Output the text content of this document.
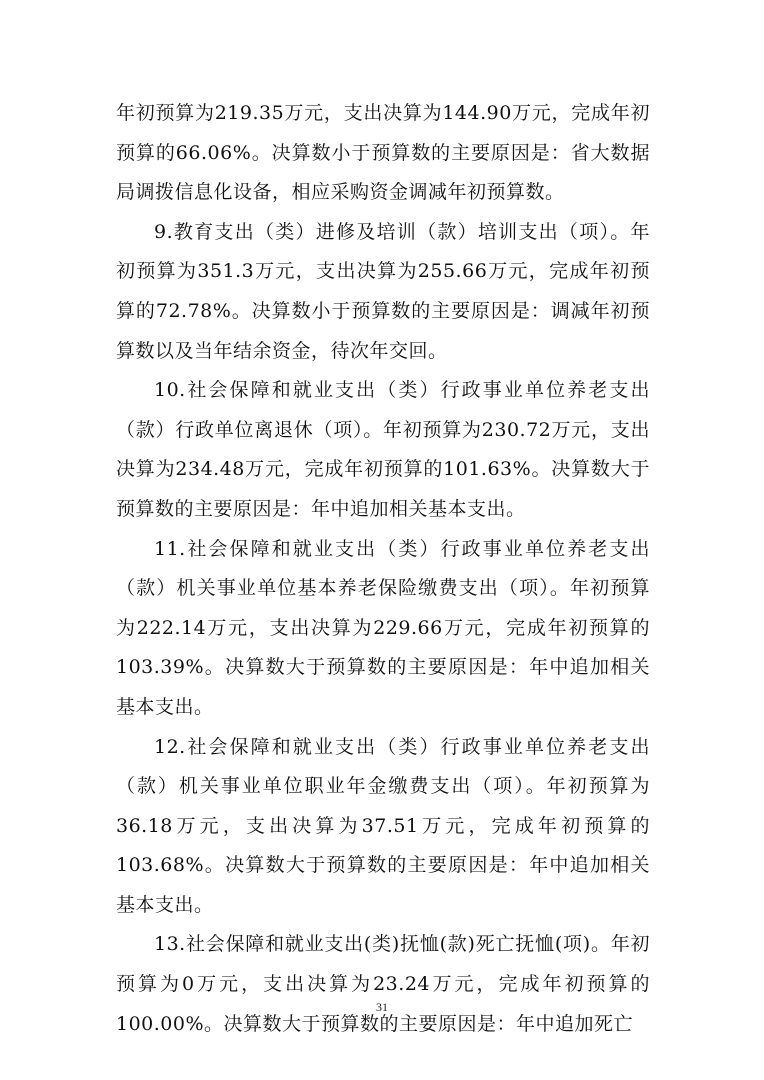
年初预算为219.35万元，支出决算为144.90万元，完成年初预算的66.06%。决算数小于预算数的主要原因是：省大数据局调拨信息化设备，相应采购资金调减年初预算数。

9.教育支出（类）进修及培训（款）培训支出（项）。年初预算为351.3万元，支出决算为255.66万元，完成年初预算的72.78%。决算数小于预算数的主要原因是：调减年初预算数以及当年结余资金，待次年交回。

10.社会保障和就业支出（类）行政事业单位养老支出（款）行政单位离退休（项）。年初预算为230.72万元，支出决算为234.48万元，完成年初预算的101.63%。决算数大于预算数的主要原因是：年中追加相关基本支出。

11.社会保障和就业支出（类）行政事业单位养老支出（款）机关事业单位基本养老保险缴费支出（项）。年初预算为222.14万元，支出决算为229.66万元，完成年初预算的103.39%。决算数大于预算数的主要原因是：年中追加相关基本支出。

12.社会保障和就业支出（类）行政事业单位养老支出（款）机关事业单位职业年金缴费支出（项）。年初预算为36.18万元，支出决算为37.51万元，完成年初预算的103.68%。决算数大于预算数的主要原因是：年中追加相关基本支出。

13.社会保障和就业支出(类)抚恤(款)死亡抚恤(项)。年初预算为0万元，支出决算为23.24万元，完成年初预算的100.00%。决算数大于预算数的主要原因是：年中追加死亡

31
